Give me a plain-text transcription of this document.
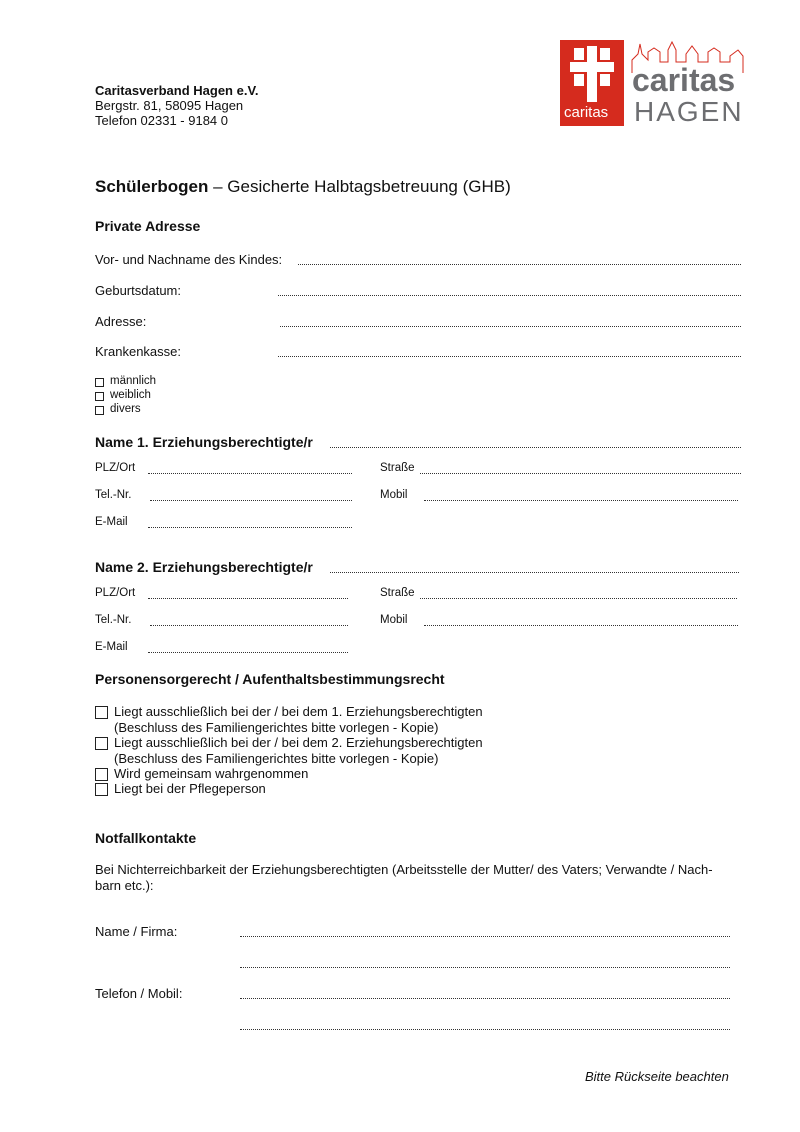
Caritasverband Hagen e.V.
Bergstr. 81, 58095 Hagen
Telefon 02331 - 9184 0	caritas
caritas
HAGEN
Schülerbogen – Gesicherte Halbtagsbetreuung (GHB)
Private Adresse
Vor- und Nachname des Kindes:
Geburtsdatum:
Adresse:
Krankenkasse:
männlich
weiblich
divers
Name 1. Erziehungsberechtigte/r
PLZ/Ort	Straße
Tel.-Nr.	Mobil
E-Mail
Name 2. Erziehungsberechtigte/r
PLZ/Ort	Straße
Tel.-Nr.	Mobil
E-Mail
Personensorgerecht / Aufenthaltsbestimmungsrecht
Liegt ausschließlich bei der / bei dem 1. Erziehungsberechtigten
(Beschluss des Familiengerichtes bitte vorlegen - Kopie)
Liegt ausschließlich bei der / bei dem 2. Erziehungsberechtigten
(Beschluss des Familiengerichtes bitte vorlegen - Kopie)
Wird gemeinsam wahrgenommen
Liegt bei der Pflegeperson
Notfallkontakte
Bei Nichterreichbarkeit der Erziehungsberechtigten (Arbeitsstelle der Mutter/ des Vaters; Verwandte / Nach-
barn etc.):
Name / Firma:
Telefon / Mobil:
Bitte Rückseite beachten
